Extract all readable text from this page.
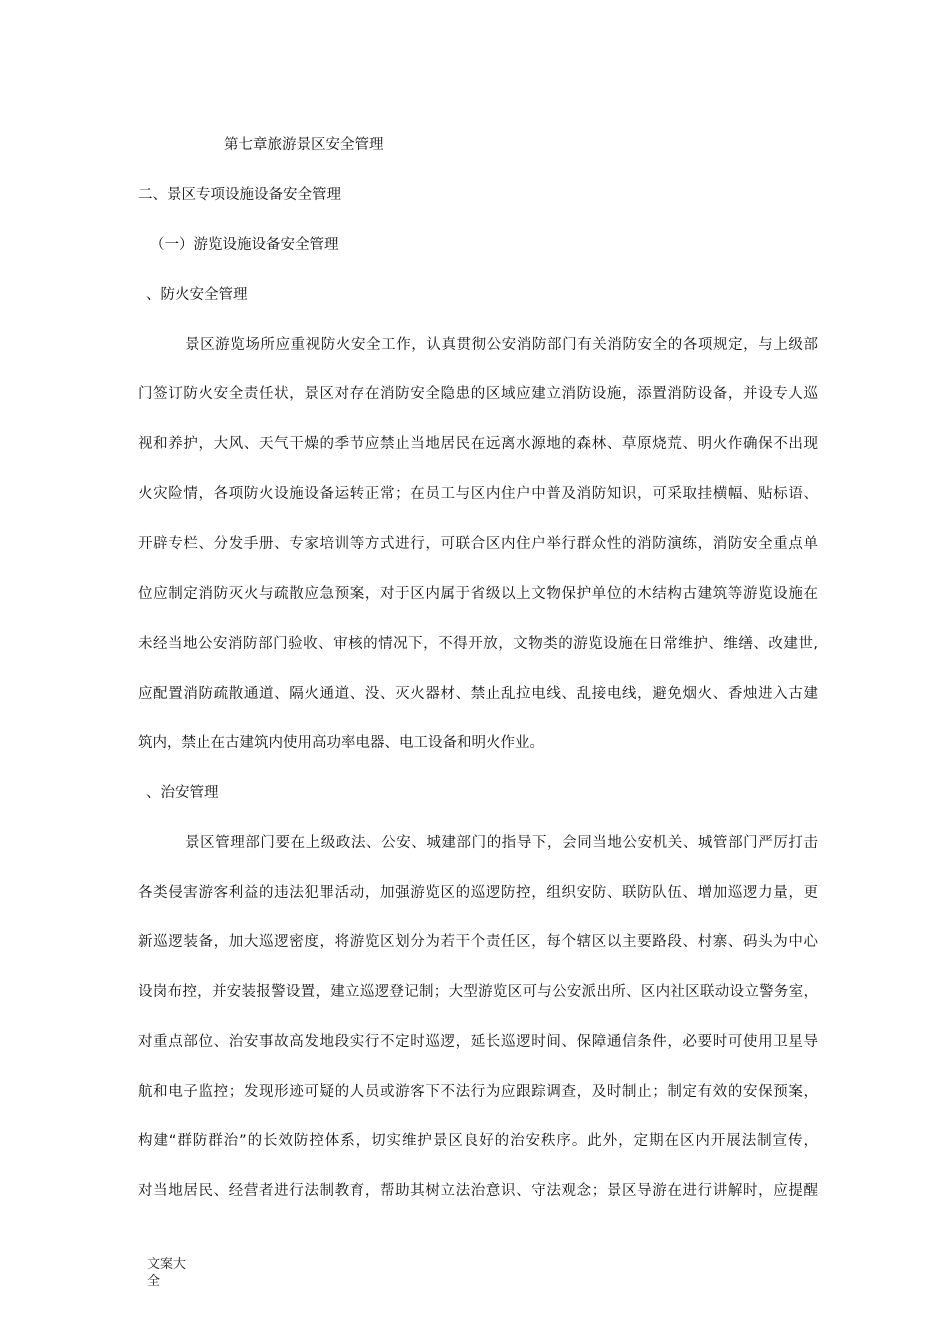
第七章旅游景区安全管理
二、景区专项设施设备安全管理
（一）游览设施设备安全管理
、防火安全管理
景区游览场所应重视防火安全工作，认真贯彻公安消防部门有关消防安全的各项规定，与上级部
门签订防火安全责任状，景区对存在消防安全隐患的区域应建立消防设施，添置消防设备，并设专人巡
视和养护，大风、天气干燥的季节应禁止当地居民在远离水源地的森林、草原烧荒、明火作确保不出现
火灾险情，各项防火设施设备运转正常；在员工与区内住户中普及消防知识，可采取挂横幅、贴标语、
开辟专栏、分发手册、专家培训等方式进行，可联合区内住户举行群众性的消防演练，消防安全重点单
位应制定消防灭火与疏散应急预案，对于区内属于省级以上文物保护单位的木结构古建筑等游览设施在
未经当地公安消防部门验收、审核的情况下，不得开放，文物类的游览设施在日常维护、维缮、改建世,
应配置消防疏散通道、隔火通道、没、灭火器材、禁止乱拉电线、乱接电线，避免烟火、香烛进入古建
筑内，禁止在古建筑内使用高功率电器、电工设备和明火作业。
、治安管理
景区管理部门要在上级政法、公安、城建部门的指导下，会同当地公安机关、城管部门严厉打击
各类侵害游客利益的违法犯罪活动，加强游览区的巡逻防控，组织安防、联防队伍、增加巡逻力量，更
新巡逻装备，加大巡逻密度，将游览区划分为若干个责任区，每个辖区以主要路段、村寨、码头为中心
设岗布控，并安装报警设置，建立巡逻登记制；大型游览区可与公安派出所、区内社区联动设立警务室，
对重点部位、治安事故高发地段实行不定时巡逻，延长巡逻时间、保障通信条件，必要时可使用卫星导
航和电子监控；发现形迹可疑的人员或游客下不法行为应跟踪调查，及时制止；制定有效的安保预案，
构建“群防群治”的长效防控体系，切实维护景区良好的治安秩序。此外，定期在区内开展法制宣传，
对当地居民、经营者进行法制教育，帮助其树立法治意识、守法观念；景区导游在进行讲解时，应提醒
文案大全
